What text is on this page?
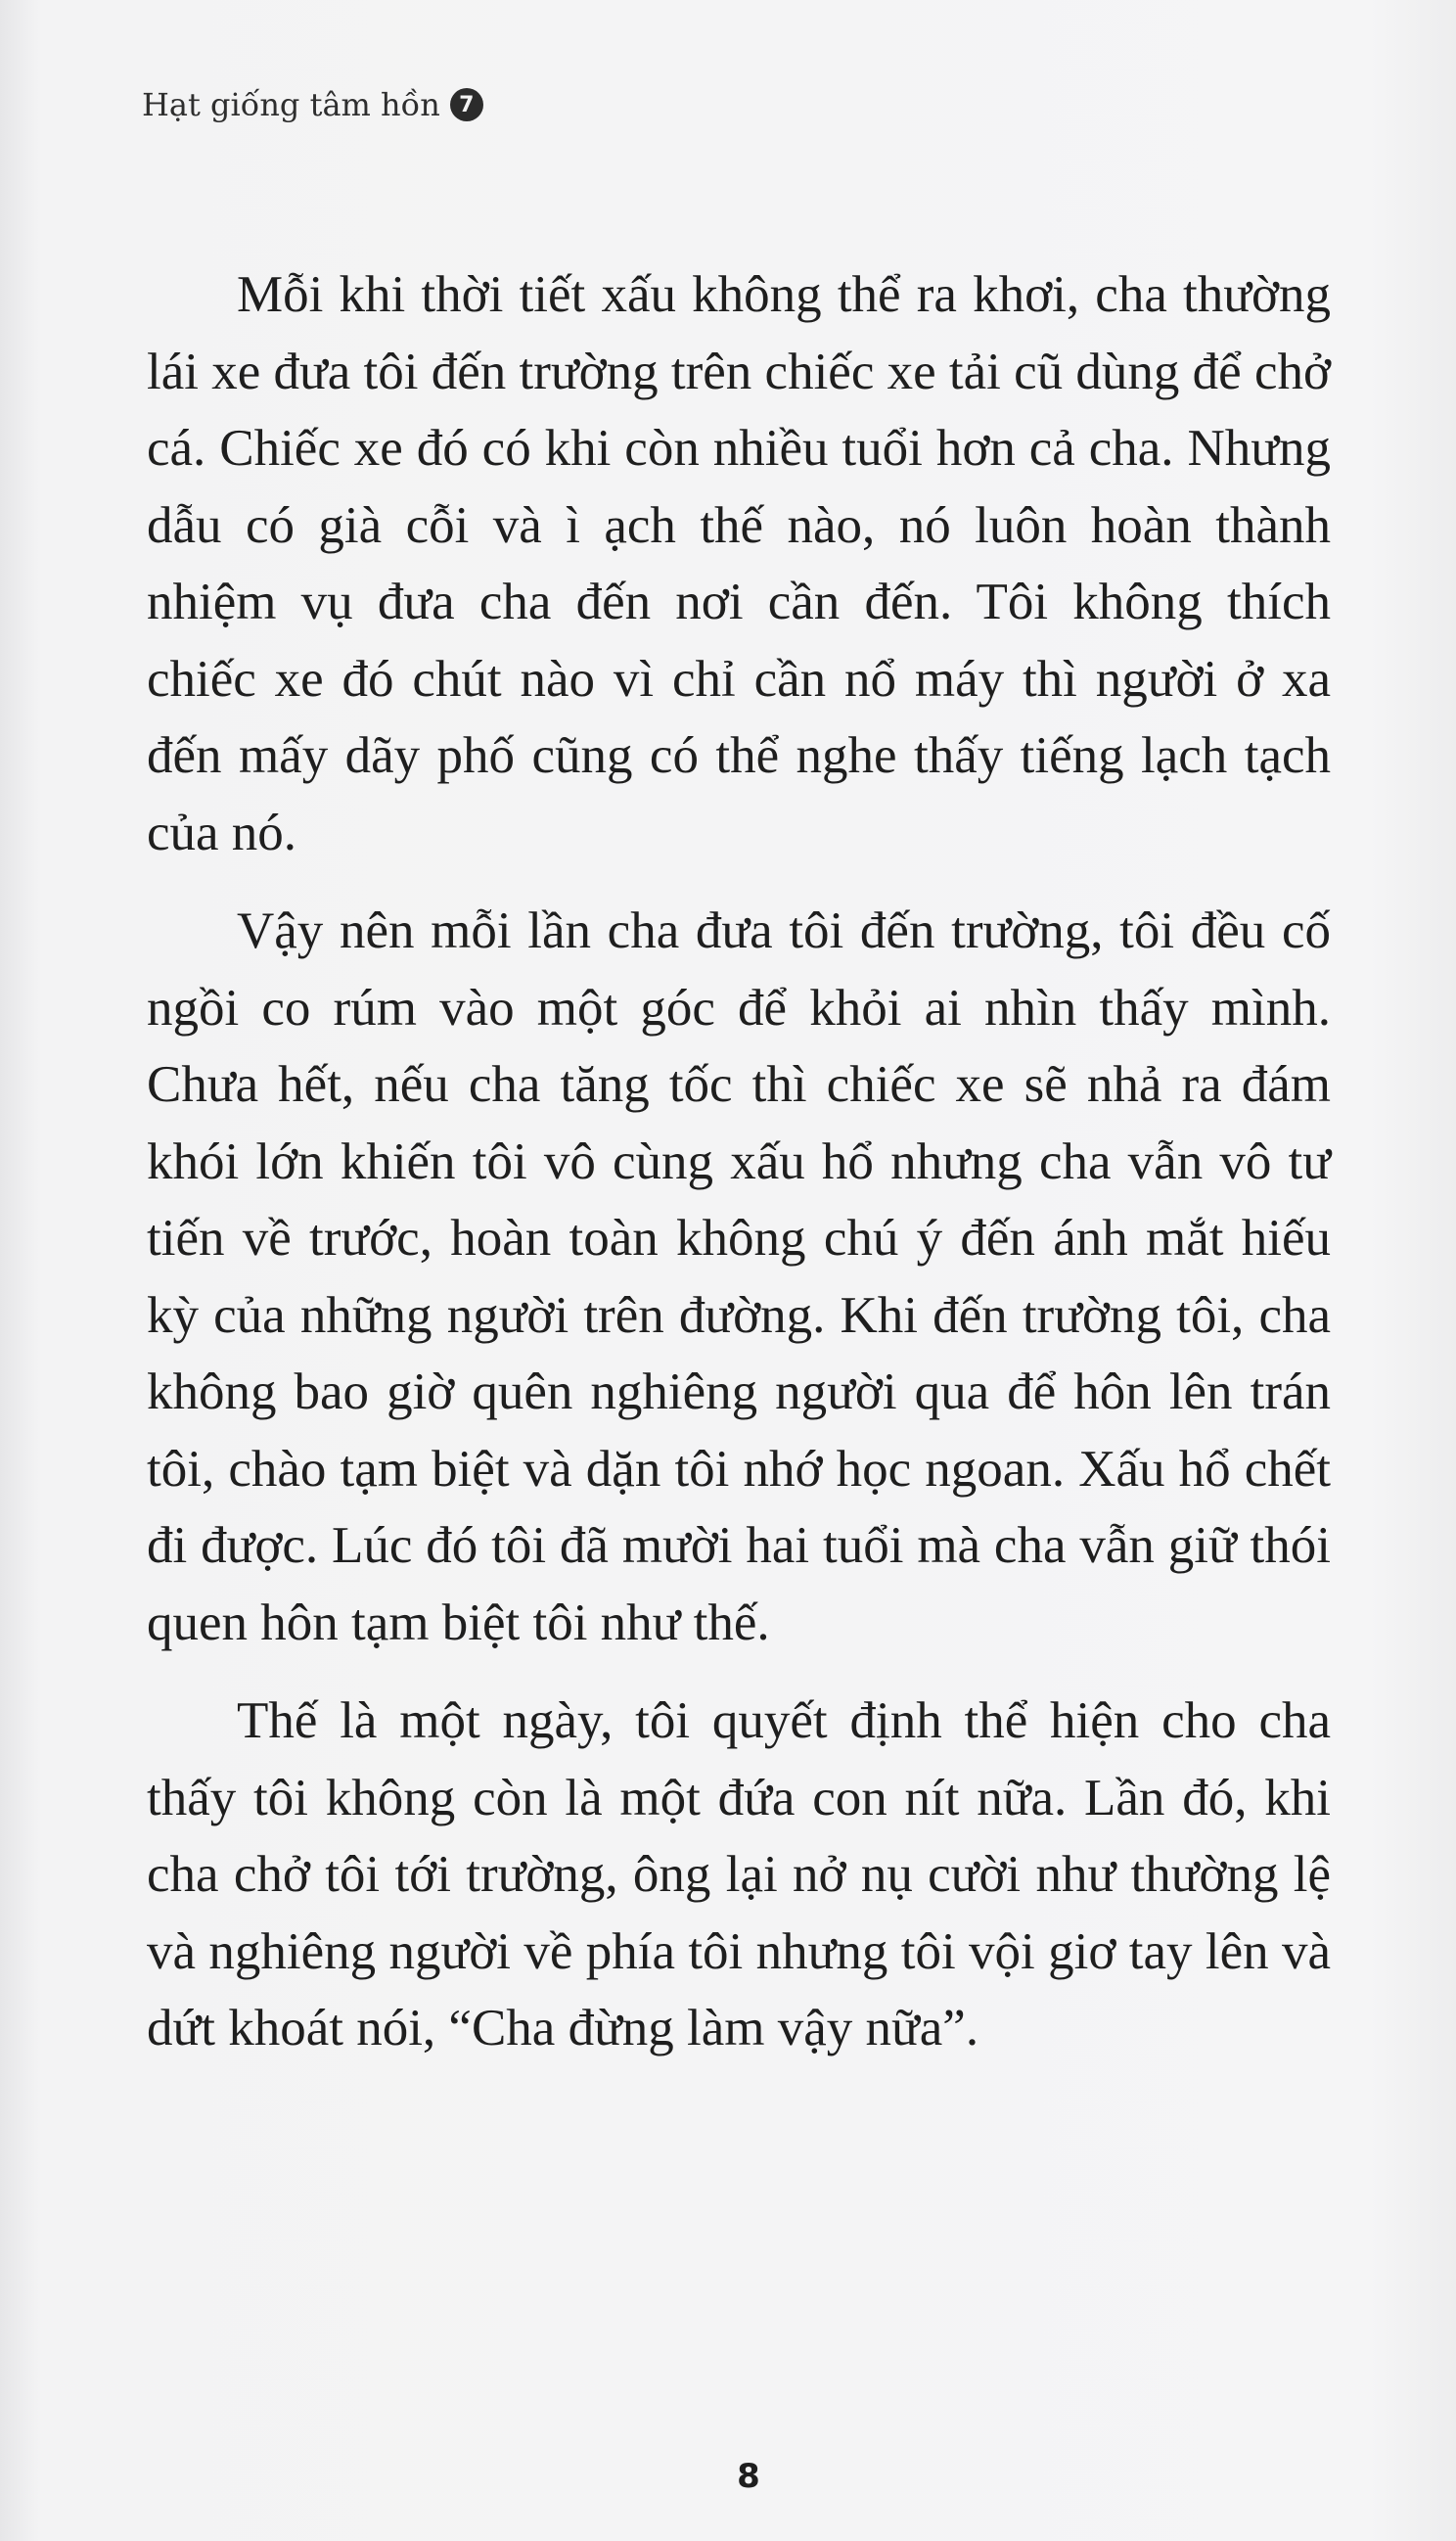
Hạt giống tâm hồn 7

Mỗi khi thời tiết xấu không thể ra khơi, cha thường lái xe đưa tôi đến trường trên chiếc xe tải cũ dùng để chở cá. Chiếc xe đó có khi còn nhiều tuổi hơn cả cha. Nhưng dẫu có già cỗi và ì ạch thế nào, nó luôn hoàn thành nhiệm vụ đưa cha đến nơi cần đến. Tôi không thích chiếc xe đó chút nào vì chỉ cần nổ máy thì người ở xa đến mấy dãy phố cũng có thể nghe thấy tiếng lạch tạch của nó.

Vậy nên mỗi lần cha đưa tôi đến trường, tôi đều cố ngồi co rúm vào một góc để khỏi ai nhìn thấy mình. Chưa hết, nếu cha tăng tốc thì chiếc xe sẽ nhả ra đám khói lớn khiến tôi vô cùng xấu hổ nhưng cha vẫn vô tư tiến về trước, hoàn toàn không chú ý đến ánh mắt hiếu kỳ của những người trên đường. Khi đến trường tôi, cha không bao giờ quên nghiêng người qua để hôn lên trán tôi, chào tạm biệt và dặn tôi nhớ học ngoan. Xấu hổ chết đi được. Lúc đó tôi đã mười hai tuổi mà cha vẫn giữ thói quen hôn tạm biệt tôi như thế.

Thế là một ngày, tôi quyết định thể hiện cho cha thấy tôi không còn là một đứa con nít nữa. Lần đó, khi cha chở tôi tới trường, ông lại nở nụ cười như thường lệ và nghiêng người về phía tôi nhưng tôi vội giơ tay lên và dứt khoát nói, “Cha đừng làm vậy nữa”.

8
